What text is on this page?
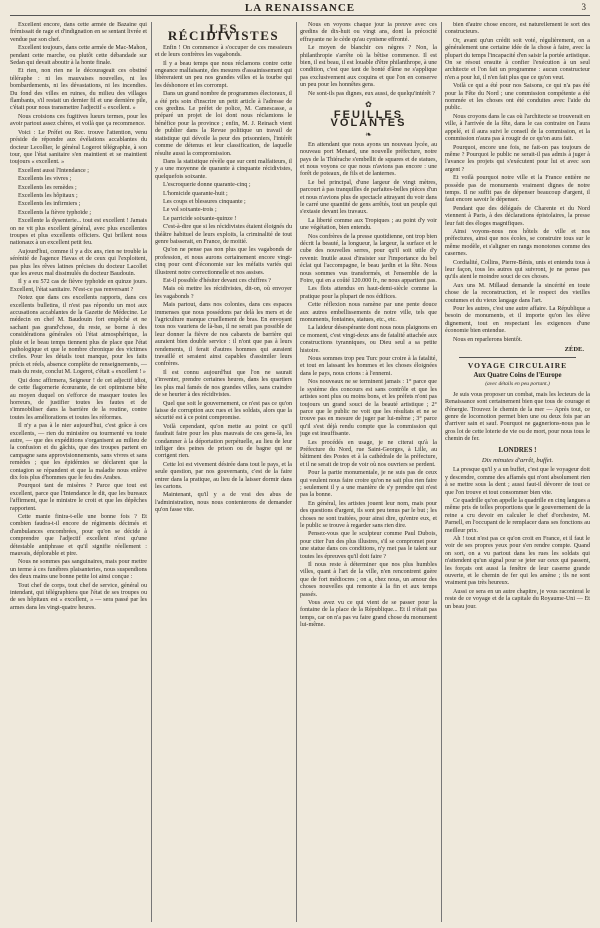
LA RENAISSANCE	3

Excellent encore, dans cette armée de Bazaine qui frémissait de rage et d'indignation en se sentant livrée et vendue par son chef.

Excellent toujours, dans cette armée de Mac-Mahon, pendant cette marche, ou plutôt cette débandade sur Sedan qui devait aboutir à la honte finale.

Et rien, non rien ne le décourageait ces obstiné téléraphe : ni les mauvaises nouvelles, ni les bombardements, ni les dévastations, ni les incendies. Du fond des villes en ruines, du milieu des villages flambants, s'il restait un dernier fil et une dernière pile, c'était pour nous transmettre l'adjectif « excellent. »

Nous croisions ces fugitives lueurs termes, pour les avoir partout assez chères, et voilà que ça recommence.

Voici : Le Préfet ou Rec. trouve l'attention, venu préside de répondre aux évélations accablantes du docteur Lecollier, le général Logerot télégraphie, à son tour, que l'état sanitaire s'en maintient et se maintient toujours « excellent. »

Excellent aussi l'Intendance ;

Excellents les vivres ;

Excellents les remèdes ;

Excellents les hôpitaux ;

Excellents les infirmiers ;

Excellents la fièvre typhoïde ;

Excellente la dysenterie... tout est excellent ! Jamais on ne vit plus excellent général, avec plus excellentes troupes et plus excellents officiers. Qui brillent nous nationaux à un excellent petit feu.

Aujourd'hui, comme il y a dix ans, rien ne trouble la sérénité de l'agence Havas et de ceux qui l'exploitent, pas plus les rêves latines précises du docteur Lacollet que les aveux mal dissimulés du docteur Baudouin.

Il y a eu 572 cas de fièvre typhoïde en quinze jours. Excellent, l'état sanitaire. N'est-ce pas renversant ?

Notez que dans ces excellents rapports, dans ces excellents bulletins, il n'est pas répondu un mot aux accusations accablantes de la Gazette de Médecine. Le médecin en chef M. Baudouin fort empêché et ne sachant pas grand'chose, du reste, se borne à des considérations générales où l'état atmosphérique, la pluie et le beau temps tiennent plus de place que l'état pathologique et que le nombre chronique des victimes civiles. Pour les détails tout manque, pour les faits précis et réels, absence complète de renseignements, — mais du reste, conclut M. Logerot, c'était « excellent ! »

Qui donc affirmera, Seigneur ! de cet adjectif idiot, de cette flagornerie écœurante, de cet optimisme bête au moyen duquel on s'efforce de masquer toutes les horreurs, de justifier toutes les fautes et de s'immobiliser dans la barrière de la routine, contre toutes les améliorations et toutes les réformes.

Il n'y a pas à le nier aujourd'hui, c'est grâce à ces excellents, — rien du ministère ou tourmenté vu toute autre, — que des expéditions s'organisent au milieu de la confusion et du gâchis, que des troupes partent en campagne sans approvisionnements, sans vivres et sans remèdes ; que les épidémies se déclarent que la contagion se répandent et que la maladie nous enlève dix fois plus d'hommes que le feu des Arabes.

Pourquoi tant de misères ? Parce que tout est excellent, parce que l'Intendance le dit, que les bureaux l'affirment, que le ministre le croit et que les dépêches rapportent.

Cette manie finira-t-elle une bonne fois ? Et combien faudra-t-il encore de régiments décimés et d'ambulances encombrées, pour qu'on se décide à comprendre que l'adjectif excellent n'est qu'une détestable antiphrase et qu'il signifie réellement : mauvais, déplorable et pire.

Nous ne sommes pas sanguinaires, mais pour mettre un terme à ces funèbres plaisanteries, nous suspendions des deux mains une bonne petite loi ainsi conçue :

Tout chef de corps, tout chef de service, général ou intendant, qui télégraphiera que l'état de ses troupes ou de ses hôpitaux est « excellent, » — sera passé par les armes dans les vingt-quatre heures.

LES RÉCIDIVISTES

Enfin ! On commence à s'occuper de ces messieurs et de leurs confrères les vagabonds.

Il y a beau temps que nous réclamons contre cette engeance malfaisante, des mesures d'assainissement qui libèreraient un peu nos grandes villes et la tourbe qui les déshonore et les corrompt.

Dans un grand nombre de programmes électoraux, il a été pris soin d'inscrire un petit article à l'adresse de ces gredins. Le préfet de police, M. Camescasse, a préparé un projet de loi dont nous réclamions le bénéfice pour la province ; enfin, M. J. Reinach vient de publier dans la Revue politique un travail de statistique qui dévoile la peur des prisonniers, l'intérêt comme de détenus et leur classification, de laquelle résulte aussi la compromission.

Dans la statistique révèle que sur cent malfaiteurs, il y a une moyenne de quarante à cinquante récidivistes, quelquefois soixante.

L'escroquerie donne quarante-cinq ;

L'homicide quarante-huit ;

Les coups et blessures cinquante ;

Le vol soixante-trois ;

Le parricide soixante-quinze !

C'est-à-dire que si les récidivistes étaient éloignés du théâtre habituel de leurs exploits, la criminalité de tout genre baisserait, en France, de moitié.

Qu'on ne pense pas non plus que les vagabonds de profession, et nous aurons certainement encore vingt-cinq pour cent d'économie sur les méfaits variés qui illustrent notre correctionnelle et nos assises.

Est-il possible d'hésiter devant ces chiffres ?

Mais où mettre les récidivistes, dit-on, où envoyer les vagabonds ?

Mais partout, dans nos colonies, dans ces espaces immenses que nous possédons par delà les mers et de l'agriculture manque cruellement de bras. En envoyant tous nos vauriens de là-bas, il ne serait pas possible de leur donner la fièvre de nos cabarets de barrière qui auraient bien double service : il n'ont que pas à leurs rendements, il ferait d'autres hommes qui auraient travaillé et seraient ainsi capables d'assimiler leurs confrères.

Il est connu aujourd'hui que l'on ne saurait s'inventer, prendre certaines heures, dans les quartiers les plus mal famés de nos grandes villes, sans craindre de se heurter à des récidivistes.

Quel que soit le gouvernement, ce n'est pas ce qu'on laisse de corruption aux rues et les soldats, alors que la sécurité est à ce point compromise.

Voilà cependant, qu'on mette au point ce qu'il faudrait faire pour les plus mauvais de ces gens-là, les condamner à la déportation perpétuelle, au lieu de leur infliger des peines de prison ou de bagne qui ne corrigent rien.

Cette loi est vivement désirée dans tout le pays, et la seule question, par nos gouvernants, c'est de la faire entrer dans la pratique, au lieu de la laisser dormir dans les cartons.

Maintenant, qu'il y a de vrai des abus de l'administration, nous nous contenterons de demander qu'on fasse vite.

Nous en voyons chaque jour la preuve avec ces gredins de dix-huit ou vingt ans, dont la précocité effrayante ne le cède qu'au cynisme effronté.

Le moyen de blanchir ces nègres ? Non, la philanthropie s'arrête où la bêtise commence. Il est bien, il est beau, il est louable d'être philanthrope, à une condition, c'est que tant de bonté d'âme ne s'applique pas exclusivement aux coquins et que l'on en conserve un peu pour les honnêtes gens.

Ne sont-ils pas dignes, eux aussi, de quelqu'intérêt ?

✿
FEUILLES VOLANTES
❧

En attendant que nous ayons un nouveau lycée, au nouveau port Menard, une nouvelle préfecture, notre pays de la Thiérache s'embellit de squares et de statues, et nous voyons ce que nous n'avions pas encore : une forêt de poteaux, de fils et de lanternes.

Le bel principal, d'une largeur de vingt mètres, parcourt à pas tranquilles de parfaites-belles pièces d'un et nous n'avions plus de spectacle attrayant du voir dans le carré une quantité de gens arrêtés, tout un peuple qui s'extasie devant les travaux.

La liberté comme aux Tropiques ; au point d'y voir une végétation, bien entendu.

Nos confrères de la presse quotidienne, ont trop bien décrit la beauté, la longueur, la largeur, la surface et le cube des nouvelles serres, pour qu'il soit utile d'y revenir. Inutile aussi d'insister sur l'importance du bel éclat qui l'accompagne, le beau jardin et la fête. Nous nous sommes vus transformés, et l'ensemble de la Foire, qui en a coûté 120.000 fr., ne nous appartient pas.

Les flots attendus en haut-demi-siècle comme la pratique pour la plupart de nos édifices.

Cette réflexion nous ramène par une pente douce aux autres embellissements de notre ville, tels que monuments, fontaines, statues, etc., etc.

La laideur désespérante dont nous nous plaignons en ce moment, c'est vingt-deux ans de fatalité attachée aux constructions tyranniques, ou Dieu seul a sa petite histoire.

Nous sommes trop peu Turc pour croire à la fatalité, et tout en laissant les hommes et les choses éloignées dans le pays, nous crions : à l'ennemi.

Nos nouveaux ne se terminent jamais : 1° parce que le système des concours est sans contrôle et que les artistes sont plus ou moins bons, et les préfets n'ont pas toujours un grand souci de la beauté artistique ; 2° parce que le public ne voit que les résultats et ne se trouve pas en mesure de juger par lui-même ; 3° parce qu'il s'est déjà rendu compte que la commission qui juge est insuffisante.

Les procédés en usage, je ne citerai qu'à la Préfecture du Nord, rue Saint-Georges, à Lille, au bâtiment des Postes et à la cathédrale de la préfecture, et il ne serait de trop de voir où nos ouvriers se perdent.

Pour la partie monumentale, je ne suis pas de ceux qui veulent nous faire croire qu'on ne sait plus rien faire ; seulement il y a une manière de s'y prendre qui n'est pas la bonne.

En général, les artistes jouent leur nom, mais pour des questions d'argent, ils sont peu tenus par le but ; les choses ne sont traitées, pour ainsi dire, qu'entre eux, et le public se trouve à regarder sans rien dire.

Pensez-vous que le sculpteur comme Paul Dubois, pour citer l'un des plus illustres, s'il se compromet pour une statue dans ces conditions, n'y met pas le talent sur toutes les épreuves qu'il doit faire ?

Il nous reste à déterminer que nos plus humbles villes, quant à l'art de la ville, n'en rencontrent guère que de fort médiocres ; on a, chez nous, un amour des choses nouvelles qui remonte à la fin et aux temps passés.

Vous avez vu ce qui vient de se passer pour la fontaine de la place de la République... Et il n'était pas temps, car on n'a pas vu faire grand chose du monument lui-même.

bien d'autre chose encore, est naturellement le sort des constructeurs.

Or, avant qu'un crédit soit voté, régulièrement, on a généralement une certaine idée de la chose à faire, avec la plupart du temps l'incapacité d'en saisir la portée artistique. On se résout ensuite à confier l'exécution à un seul architecte et l'on fait un programme : aucun constructeur n'en a pour lui, il n'en fait plus que ce qu'on veut.

Voilà ce qui a été pour nos Saisons, ce qui n'a pas été pour la Fête du Nord ; une commission compétente a été nommée et les choses ont été conduites avec l'aide du public.

Nous croyons dans le cas où l'architecte se trouverait en ville, à l'arrivée de la fête, dans le cas contraire on l'aura appelé, et il aura suivi le conseil de la commission, et la commission n'aura pas à rougir de ce qu'on aura fait.

Pourquoi, encore une fois, ne fait-on pas toujours de même ? Pourquoi le public ne serait-il pas admis à juger à l'avance les projets qui s'exécutent pour lui et avec son argent ?

Et voilà pourquoi notre ville et la France entière ne possède pas de monuments vraiment dignes de notre temps. Il ne suffit pas de dépenser beaucoup d'argent, il faut encore savoir le dépenser.

Pendant que des délégués de Charente et du Nord viennent à Paris, à des déclarations épistolaires, la presse leur fait des éloges magnifiques.

Ainsi voyons-nous nos hôtels de ville et nos préfectures, ainsi que nos écoles, se construire tous sur le même modèle, et s'aligner en rangs monotones comme des casernes.

Cordialité, Collins, Pierre-Bénis, unis et entendu tous à leur façon, tous les autres qui suivront, je ne pense pas qu'ils aient le moindre souci de ces choses.

Aux uns M. Millaud demande la sincérité en toute chose de la reconstruction, et le respect des vieilles coutumes et du vieux langage dans l'art.

Pour les autres, c'est une autre affaire. La République a besoin de monuments, et il importe qu'on les élève dignement, tout en respectant les exigences d'une économie bien entendue.

Nous en reparlerons bientôt.

ZÉDE.
VOYAGE CIRCULAIRE
Aux Quatre Coins de l'Europe
(avec détails en peu portant.)

Je suis vous proposer un combat, mais les lecteurs de la Renaissance sont certainement bien que tous de courage et d'énergie. Trouvez le chemin de la mer — Après tout, ce genre de locomotion permet bien une ou deux fois par an d'arriver sain et sauf. Pourquoi ne gagnerions-nous pas le gros lot de cette loterie de vie ou de mort, pour nous tous le chemin de fer.

LONDRES !
Dix minutes d'arrêt, buffet.

La presque qu'il y a un buffet, c'est que le voyageur doit y descendre, comme des affamés qui n'ont absolument rien à se mettre sous la dent ; aussi faut-il dévorer de tout ce que l'on trouve et tout consommer bien vite.

Ce quadrille qu'on appelle la quadrille en cinq langues a même pris de telles proportions que le gouvernement de la reine a cru devoir en calculer le chef d'orchestre, M. Parnell, en l'occupant de le remplacer dans ses fonctions au meilleur prix.

Ah ! tout n'est pas ce qu'on croit en France, et il faut le voir de ses propres yeux pour s'en rendre compte. Quand on sort, on a vu partout dans les rues les soldats qui n'attendent qu'un signal pour se jeter sur ceux qui passent, les forçats ont aussi la fenêtre de leur caserne grande ouverte, et le chemin de fer qui les amène ; ils ne sont vraiment pas très heureux.

Aussi ce sera en un autre chapitre, je vous raconterai le reste de ce voyage et de la capitale du Royaume-Uni — Et un beau jour.
